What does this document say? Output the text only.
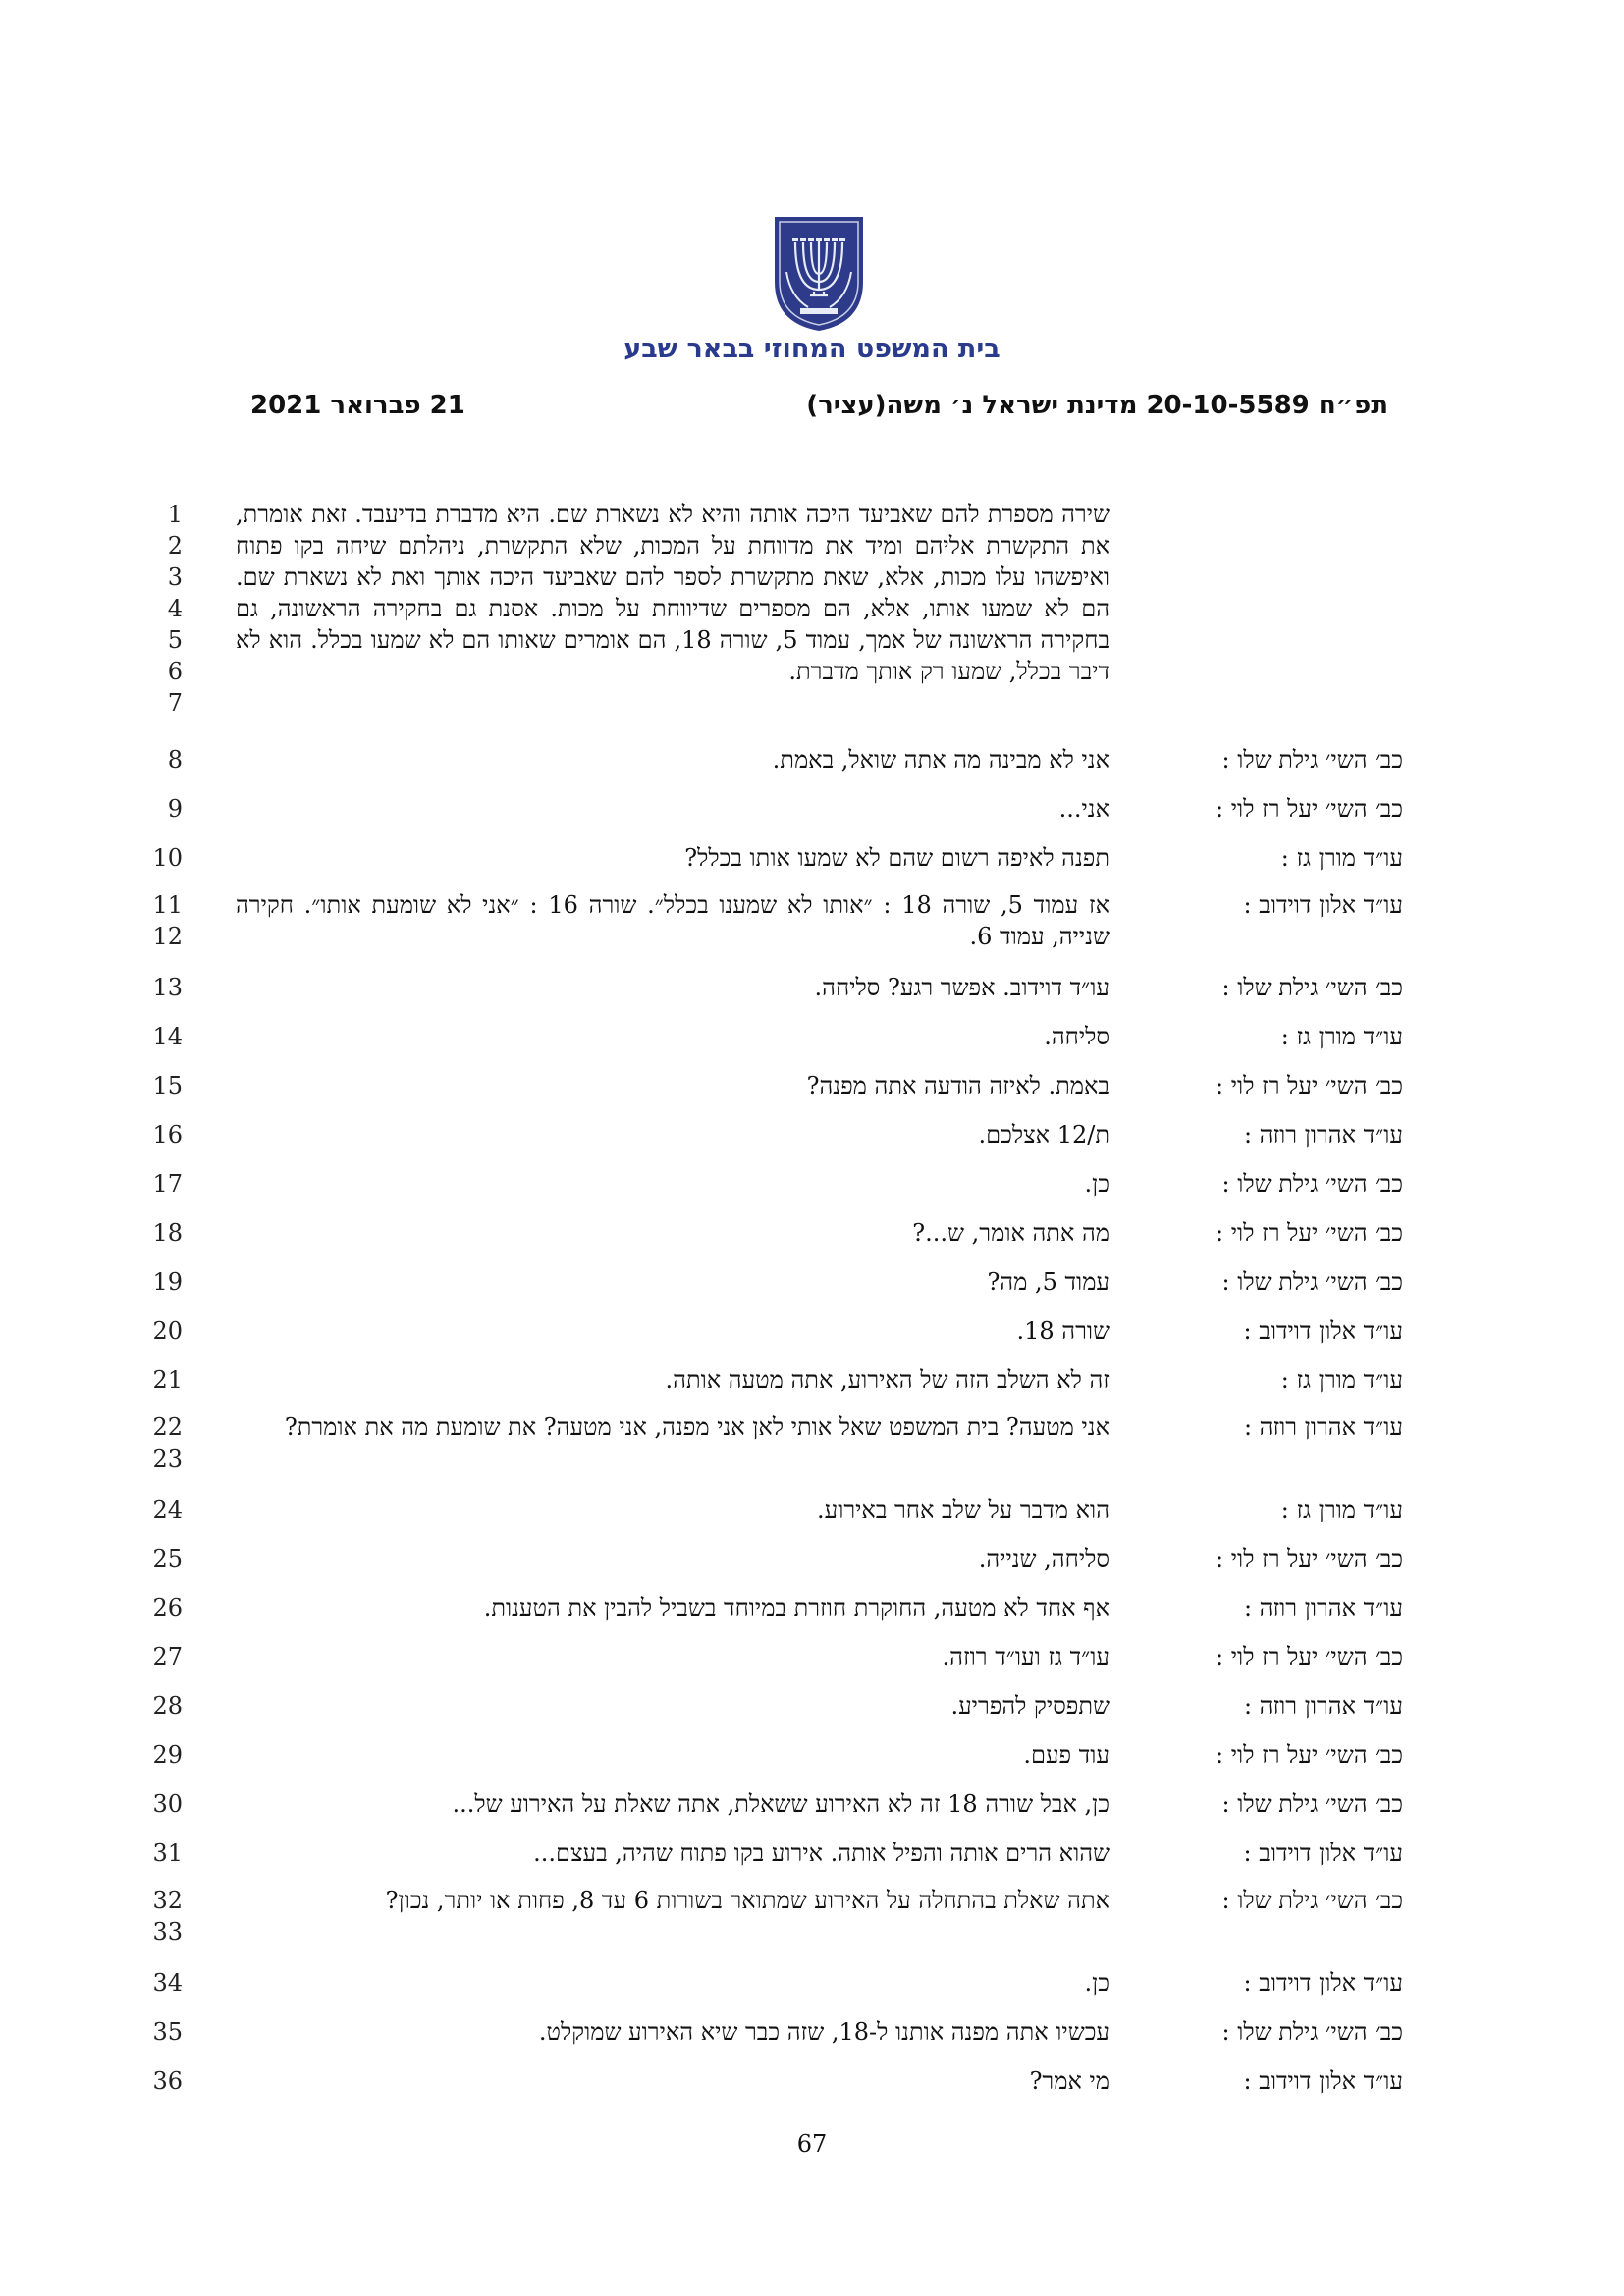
בית המשפט המחוזי בבאר שבע
תפ״ח 20-10-5589 מדינת ישראל נ׳ משה(עציר)
21 פברואר 2021
1
2
3
4
5
6
7
שירה מספרת להם שאביעד היכה אותה והיא לא נשארת שם. היא מדברת בדיעבד. זאת אומרת, את התקשרת אליהם ומיד את מדווחת על המכות, שלא התקשרת, ניהלתם שיחה בקו פתוח ואיפשהו עלו מכות, אלא, שאת מתקשרת לספר להם שאביעד היכה אותך ואת לא נשארת שם. הם לא שמעו אותו, אלא, הם מספרים שדיווחת על מכות. אסנת גם בחקירה הראשונה, גם בחקירה הראשונה של אמך, עמוד 5, שורה 18, הם אומרים שאותו הם לא שמעו בכלל. הוא לא דיבר בכלל, שמעו רק אותך מדברת.
8	כב׳ השי׳ גילת שלו :
אני לא מבינה מה אתה שואל, באמת.
9	כב׳ השי׳ יעל רז לוי :
אני...
10	עו״ד מורן גז :
תפנה לאיפה רשום שהם לא שמעו אותו בכלל?
11
12
עו״ד אלון דוידוב :
אז עמוד 5, שורה 18 : ״אותו לא שמענו בכלל״. שורה 16 : ״אני לא שומעת אותו״. חקירה שנייה, עמוד 6.
13	כב׳ השי׳ גילת שלו :
עו״ד דוידוב. אפשר רגע? סליחה.
14	עו״ד מורן גז :
סליחה.
15	כב׳ השי׳ יעל רז לוי :
באמת. לאיזה הודעה אתה מפנה?
16	עו״ד אהרון רוזה :
ת/12 אצלכם.
17	כב׳ השי׳ גילת שלו :
כן.
18	כב׳ השי׳ יעל רז לוי :
מה אתה אומר, ש...?
19	כב׳ השי׳ גילת שלו :
עמוד 5, מה?
20	עו״ד אלון דוידוב :
שורה 18.
21	עו״ד מורן גז :
זה לא השלב הזה של האירוע, אתה מטעה אותה.
22
23
עו״ד אהרון רוזה :
אני מטעה? בית המשפט שאל אותי לאן אני מפנה, אני מטעה? את שומעת מה את אומרת?
24	עו״ד מורן גז :
הוא מדבר על שלב אחר באירוע.
25	כב׳ השי׳ יעל רז לוי :
סליחה, שנייה.
26	עו״ד אהרון רוזה :
אף אחד לא מטעה, החוקרת חוזרת במיוחד בשביל להבין את הטענות.
27	כב׳ השי׳ יעל רז לוי :
עו״ד גז ועו״ד רוזה.
28	עו״ד אהרון רוזה :
שתפסיק להפריע.
29	כב׳ השי׳ יעל רז לוי :
עוד פעם.
30	כב׳ השי׳ גילת שלו :
כן, אבל שורה 18 זה לא האירוע ששאלת, אתה שאלת על האירוע של...
31	עו״ד אלון דוידוב :
שהוא הרים אותה והפיל אותה. אירוע בקו פתוח שהיה, בעצם...
32
33
כב׳ השי׳ גילת שלו :
אתה שאלת בהתחלה על האירוע שמתואר בשורות 6 עד 8, פחות או יותר, נכון?
34	עו״ד אלון דוידוב :
כן.
35	כב׳ השי׳ גילת שלו :
עכשיו אתה מפנה אותנו ל-18, שזה כבר שיא האירוע שמוקלט.
36	עו״ד אלון דוידוב :
מי אמר?
67
